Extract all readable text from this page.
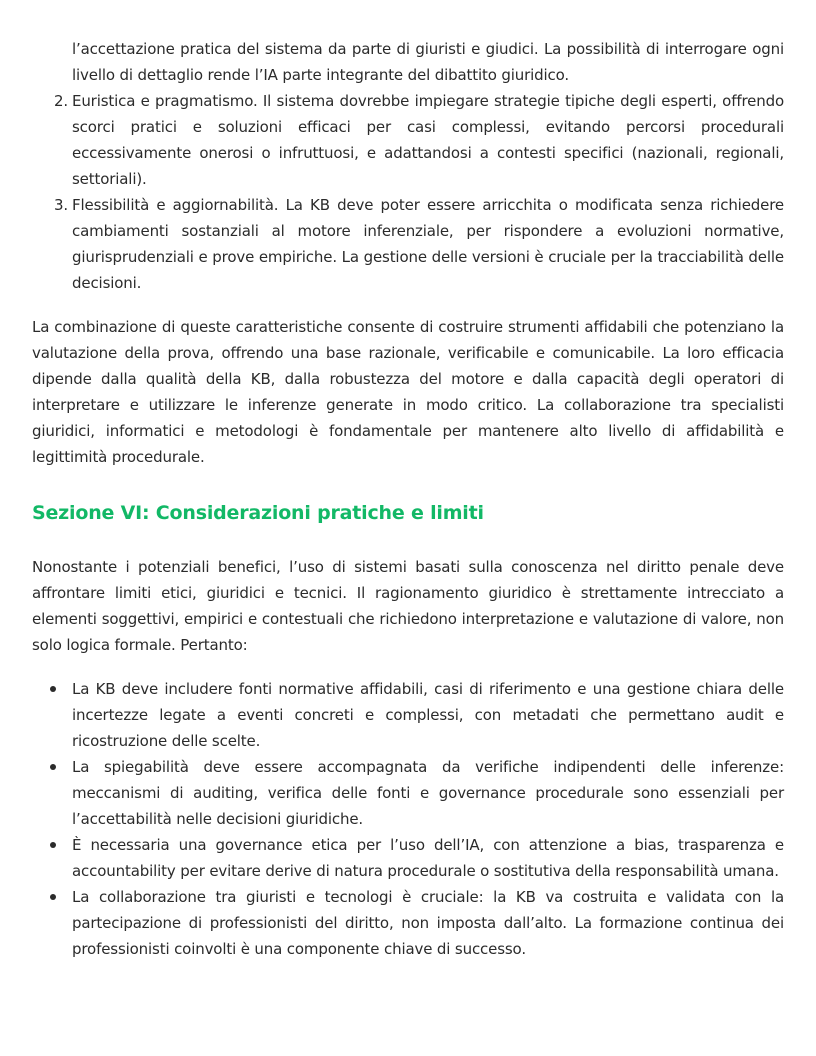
l’accettazione pratica del sistema da parte di giuristi e giudici. La possibilità di interrogare ogni livello di dettaglio rende l’IA parte integrante del dibattito giuridico.

2. Euristica e pragmatismo. Il sistema dovrebbe impiegare strategie tipiche degli esperti, offrendo scorci pratici e soluzioni efficaci per casi complessi, evitando percorsi procedurali eccessivamente onerosi o infruttuosi, e adattandosi a contesti specifici (nazionali, regionali, settoriali).
3. Flessibilità e aggiornabilità. La KB deve poter essere arricchita o modificata senza richiedere cambiamenti sostanziali al motore inferenziale, per rispondere a evoluzioni normative, giurisprudenziali e prove empiriche. La gestione delle versioni è cruciale per la tracciabilità delle decisioni.

La combinazione di queste caratteristiche consente di costruire strumenti affidabili che potenziano la valutazione della prova, offrendo una base razionale, verificabile e comunicabile. La loro efficacia dipende dalla qualità della KB, dalla robustezza del motore e dalla capacità degli operatori di interpretare e utilizzare le inferenze generate in modo critico. La collaborazione tra specialisti giuridici, informatici e metodologi è fondamentale per mantenere alto livello di affidabilità e legittimità procedurale.

Sezione VI: Considerazioni pratiche e limiti

Nonostante i potenziali benefici, l’uso di sistemi basati sulla conoscenza nel diritto penale deve affrontare limiti etici, giuridici e tecnici. Il ragionamento giuridico è strettamente intrecciato a elementi soggettivi, empirici e contestuali che richiedono interpretazione e valutazione di valore, non solo logica formale. Pertanto:

La KB deve includere fonti normative affidabili, casi di riferimento e una gestione chiara delle incertezze legate a eventi concreti e complessi, con metadati che permettano audit e ricostruzione delle scelte.
La spiegabilità deve essere accompagnata da verifiche indipendenti delle inferenze: meccanismi di auditing, verifica delle fonti e governance procedurale sono essenziali per l’accettabilità nelle decisioni giuridiche.
È necessaria una governance etica per l’uso dell’IA, con attenzione a bias, trasparenza e accountability per evitare derive di natura procedurale o sostitutiva della responsabilità umana.
La collaborazione tra giuristi e tecnologi è cruciale: la KB va costruita e validata con la partecipazione di professionisti del diritto, non imposta dall’alto. La formazione continua dei professionisti coinvolti è una componente chiave di successo.
